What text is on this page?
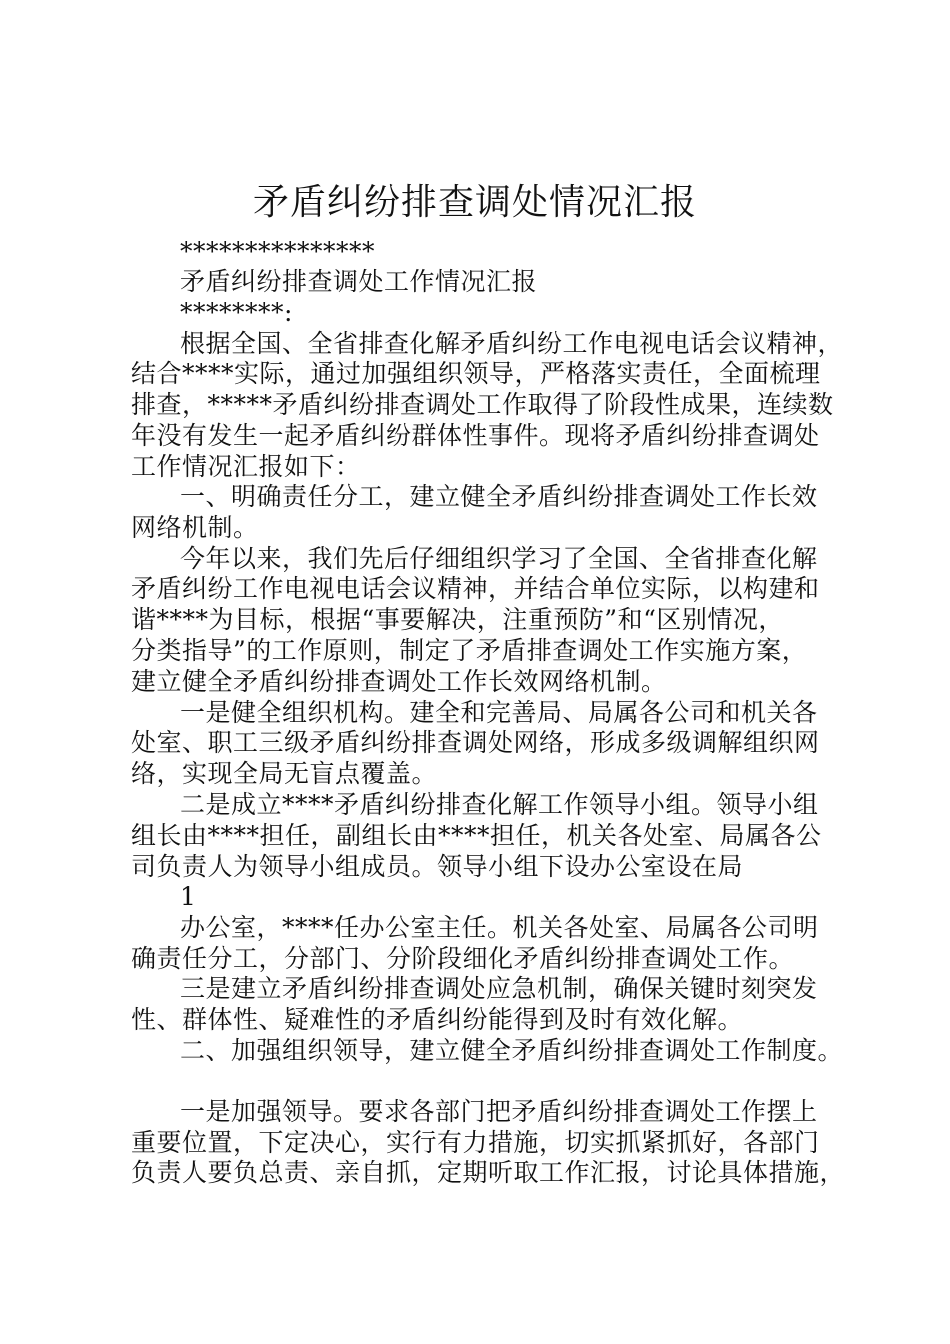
矛盾纠纷排查调处情况汇报
***************
矛盾纠纷排查调处工作情况汇报
********:
根据全国、全省排查化解矛盾纠纷工作电视电话会议精神，
结合****实际，通过加强组织领导，严格落实责任，全面梳理
排查，*****矛盾纠纷排查调处工作取得了阶段性成果，连续数
年没有发生一起矛盾纠纷群体性事件。现将矛盾纠纷排查调处
工作情况汇报如下：
一、明确责任分工，建立健全矛盾纠纷排查调处工作长效
网络机制。
今年以来，我们先后仔细组织学习了全国、全省排查化解
矛盾纠纷工作电视电话会议精神，并结合单位实际，以构建和
谐****为目标，根据“事要解决，注重预防”和“区别情况，
分类指导”的工作原则，制定了矛盾排查调处工作实施方案，
建立健全矛盾纠纷排查调处工作长效网络机制。
一是健全组织机构。建全和完善局、局属各公司和机关各
处室、职工三级矛盾纠纷排查调处网络，形成多级调解组织网
络，实现全局无盲点覆盖。
二是成立****矛盾纠纷排查化解工作领导小组。领导小组
组长由****担任，副组长由****担任，机关各处室、局属各公
司负责人为领导小组成员。领导小组下设办公室设在局
1
办公室，****任办公室主任。机关各处室、局属各公司明
确责任分工，分部门、分阶段细化矛盾纠纷排查调处工作。
三是建立矛盾纠纷排查调处应急机制，确保关键时刻突发
性、群体性、疑难性的矛盾纠纷能得到及时有效化解。
二、加强组织领导，建立健全矛盾纠纷排查调处工作制度。
一是加强领导。要求各部门把矛盾纠纷排查调处工作摆上
重要位置，下定决心，实行有力措施，切实抓紧抓好，各部门
负责人要负总责、亲自抓，定期听取工作汇报，讨论具体措施，
